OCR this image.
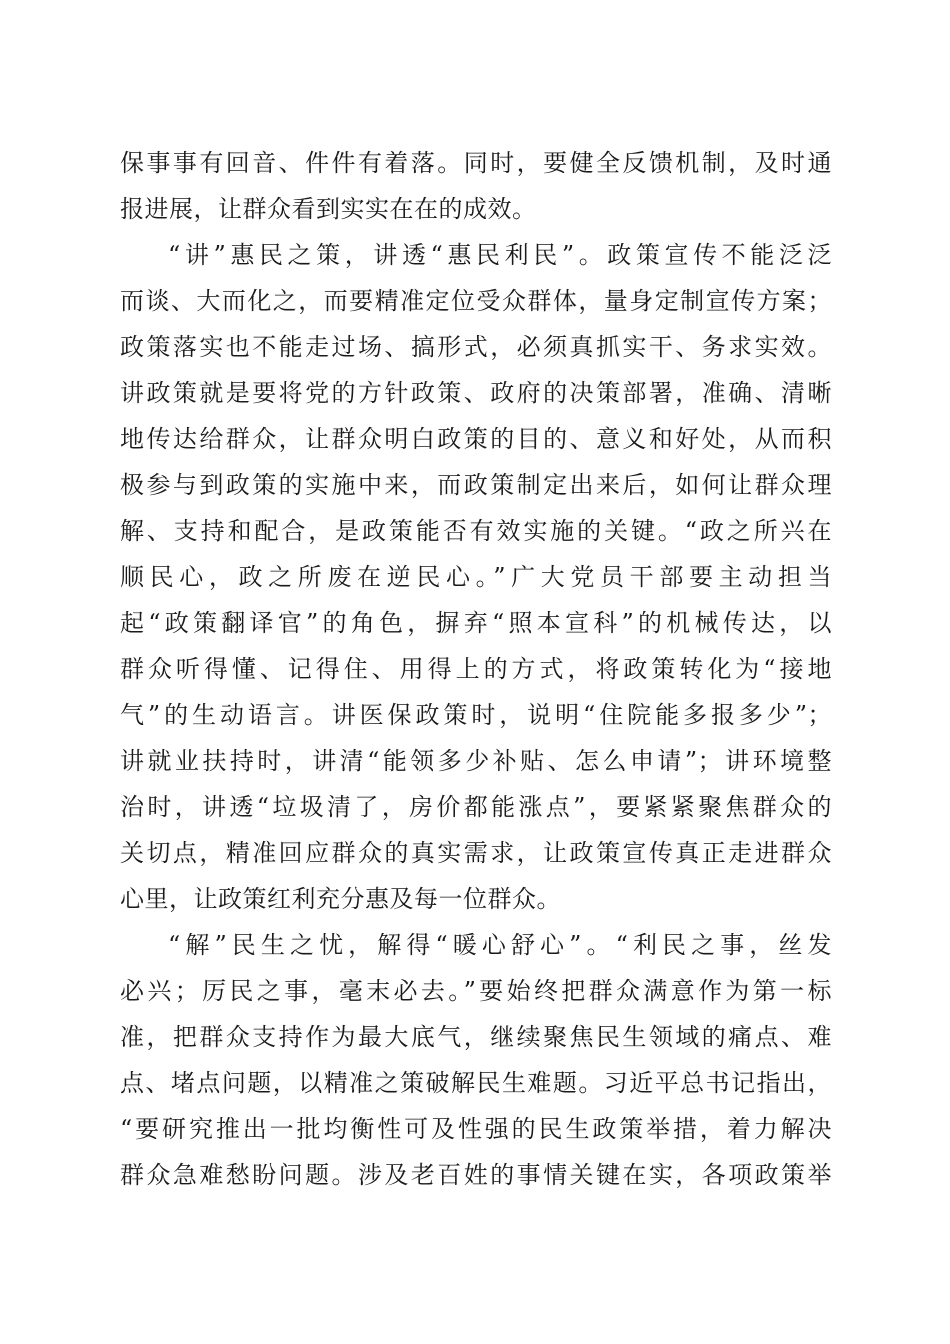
保事事有回音、件件有着落。同时，要健全反馈机制，及时通

报进展，让群众看到实实在在的成效。

“讲”惠民之策，讲透“惠民利民”。政策宣传不能泛泛

而谈、大而化之，而要精准定位受众群体，量身定制宣传方案；

政策落实也不能走过场、搞形式，必须真抓实干、务求实效。

讲政策就是要将党的方针政策、政府的决策部署，准确、清晰

地传达给群众，让群众明白政策的目的、意义和好处，从而积

极参与到政策的实施中来，而政策制定出来后，如何让群众理

解、支持和配合，是政策能否有效实施的关键。“政之所兴在

顺民心，政之所废在逆民心。”广大党员干部要主动担当

起“政策翻译官”的角色，摒弃“照本宣科”的机械传达，以

群众听得懂、记得住、用得上的方式，将政策转化为“接地

气”的生动语言。讲医保政策时，说明“住院能多报多少”；

讲就业扶持时，讲清“能领多少补贴、怎么申请”；讲环境整

治时，讲透“垃圾清了，房价都能涨点”，要紧紧聚焦群众的

关切点，精准回应群众的真实需求，让政策宣传真正走进群众

心里，让政策红利充分惠及每一位群众。

“解”民生之忧，解得“暖心舒心”。“利民之事，丝发

必兴；厉民之事，毫末必去。”要始终把群众满意作为第一标

准，把群众支持作为最大底气，继续聚焦民生领域的痛点、难

点、堵点问题，以精准之策破解民生难题。习近平总书记指出，

“要研究推出一批均衡性可及性强的民生政策举措，着力解决

群众急难愁盼问题。涉及老百姓的事情关键在实，各项政策举
